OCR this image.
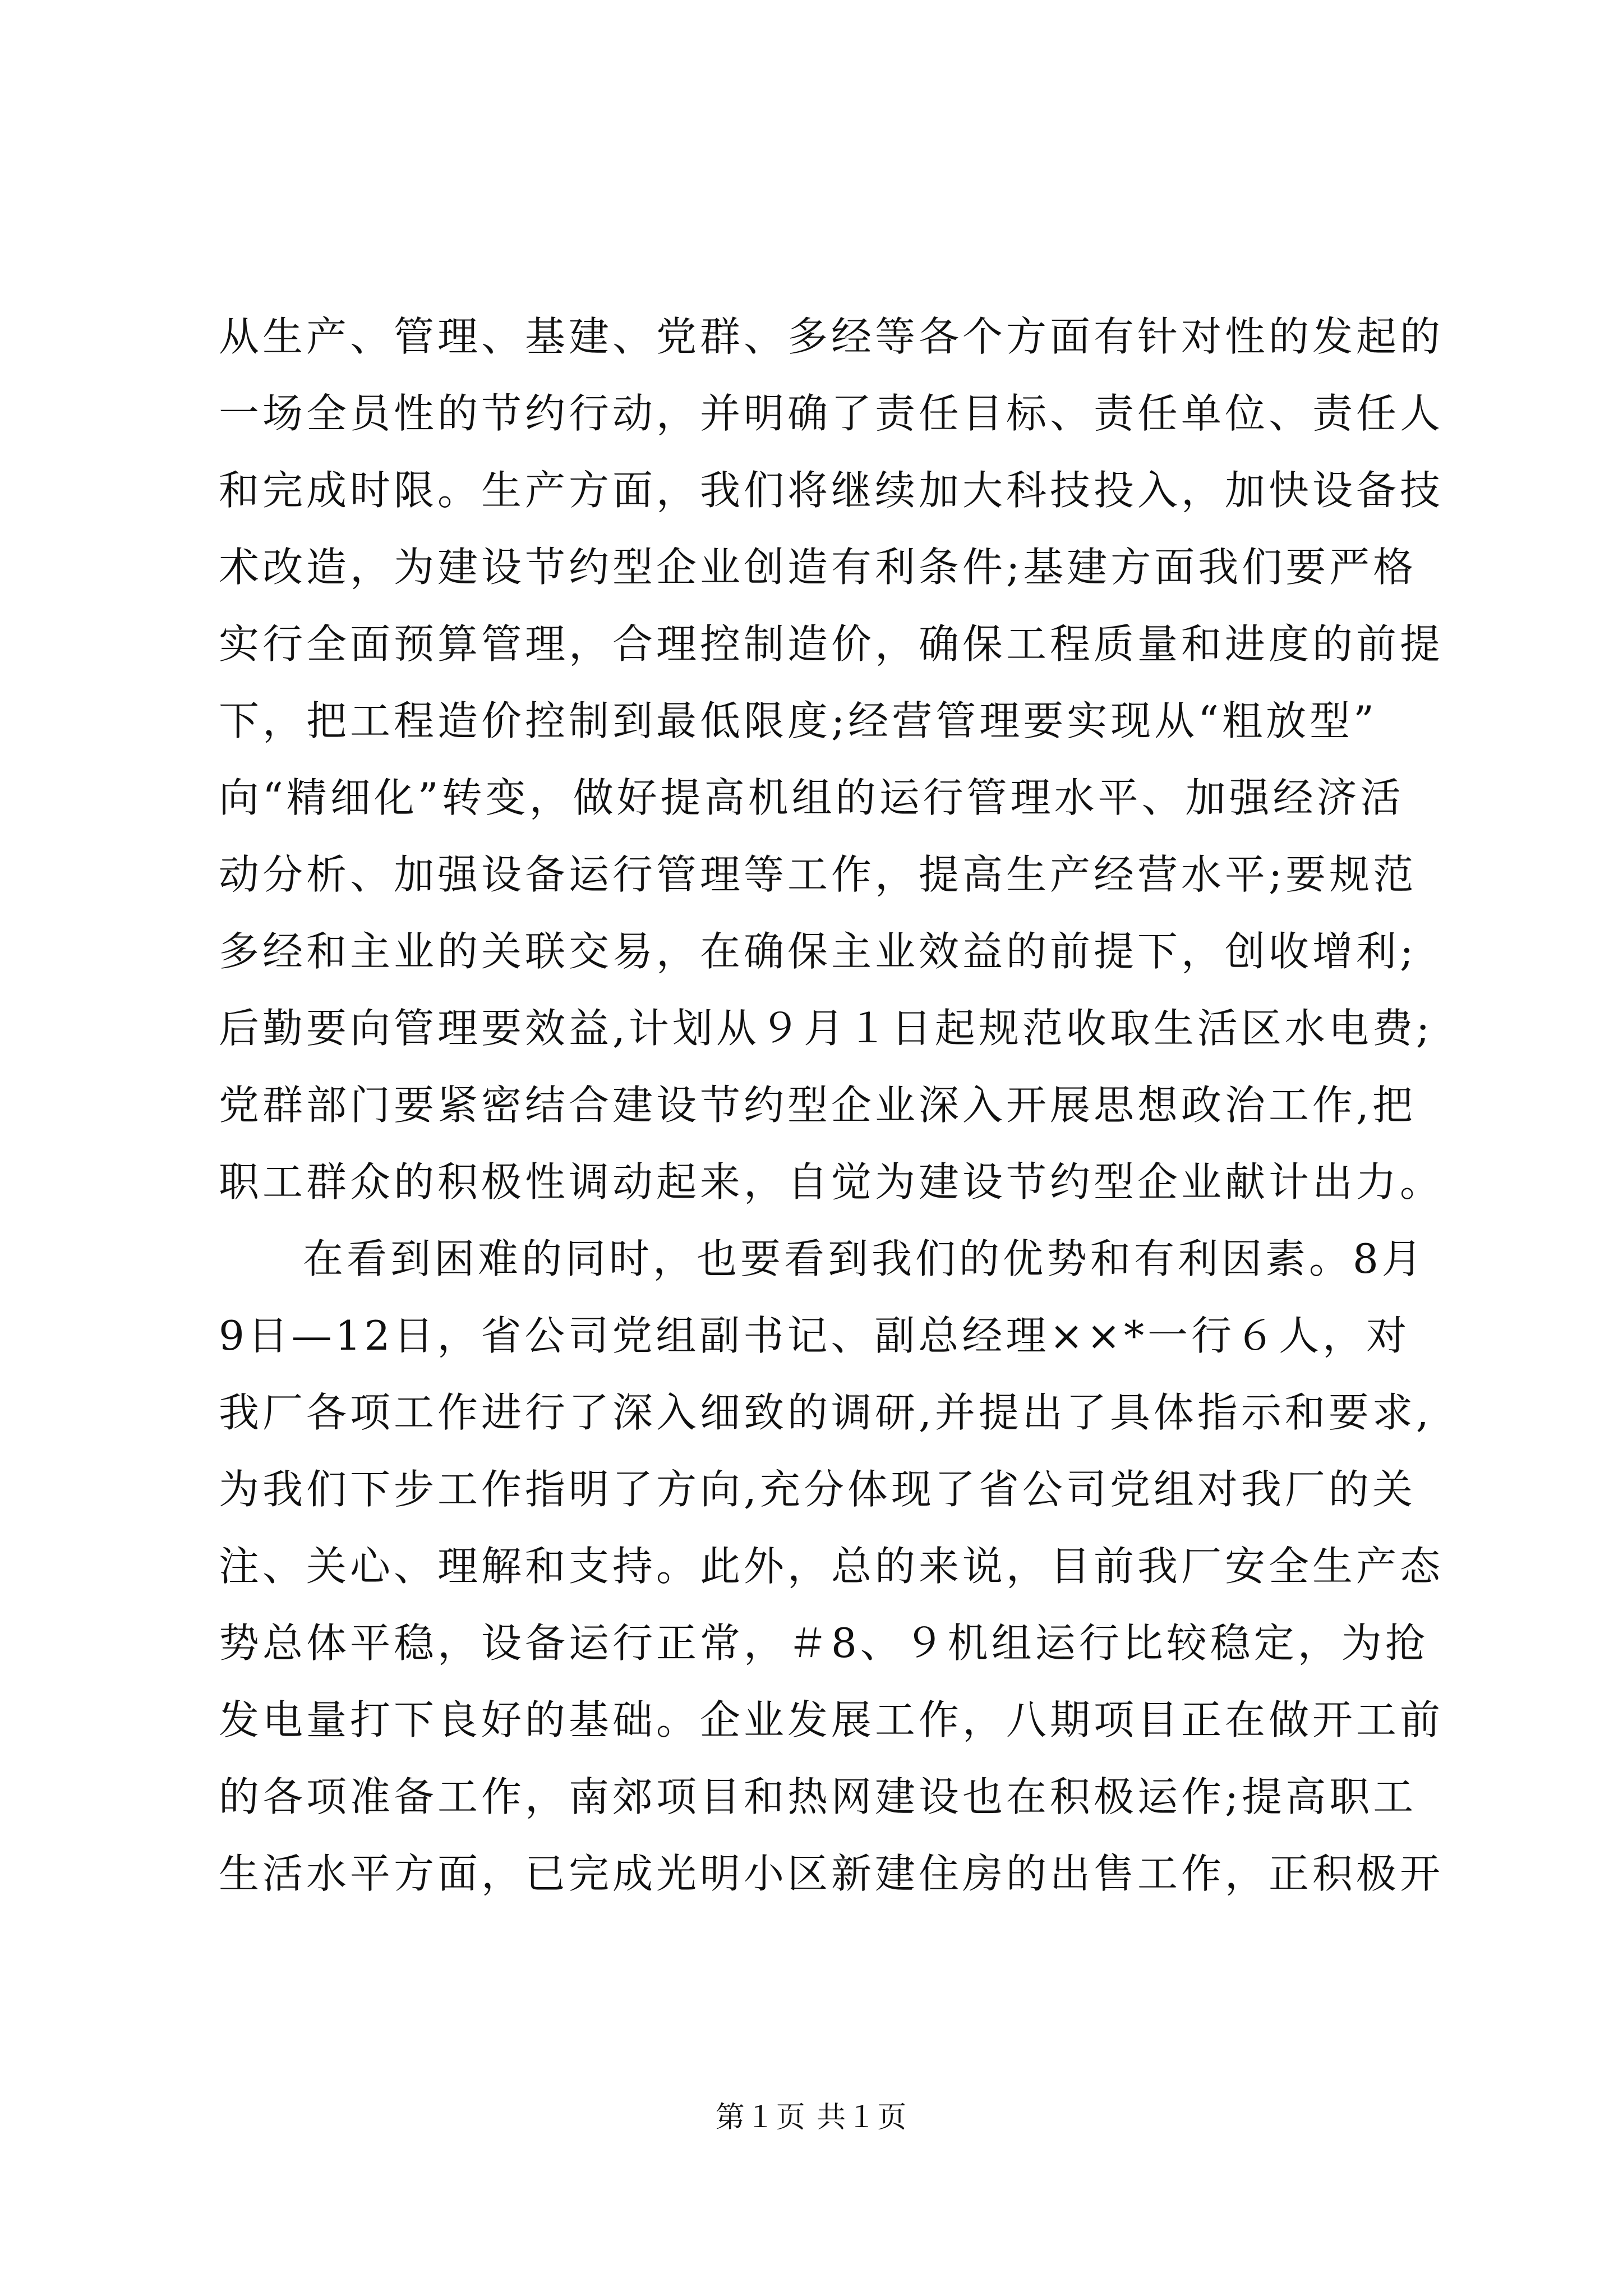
从生产、管理、基建、党群、多经等各个方面有针对性的发起的
一场全员性的节约行动，并明确了责任目标、责任单位、责任人
和完成时限。生产方面，我们将继续加大科技投入，加快设备技
术改造，为建设节约型企业创造有利条件;基建方面我们要严格
实行全面预算管理，合理控制造价，确保工程质量和进度的前提
下，把工程造价控制到最低限度;经营管理要实现从“粗放型”
向“精细化”转变，做好提高机组的运行管理水平、加强经济活
动分析、加强设备运行管理等工作，提高生产经营水平;要规范
多经和主业的关联交易，在确保主业效益的前提下，创收增利;
后勤要向管理要效益,计划从９月１日起规范收取生活区水电费;
党群部门要紧密结合建设节约型企业深入开展思想政治工作,把
职工群众的积极性调动起来，自觉为建设节约型企业献计出力。
在看到困难的同时，也要看到我们的优势和有利因素。8月
9日—12日，省公司党组副书记、副总经理××*一行６人，对
我厂各项工作进行了深入细致的调研,并提出了具体指示和要求,
为我们下步工作指明了方向,充分体现了省公司党组对我厂的关
注、关心、理解和支持。此外，总的来说，目前我厂安全生产态
势总体平稳，设备运行正常，＃8、９机组运行比较稳定，为抢
发电量打下良好的基础。企业发展工作，八期项目正在做开工前
的各项准备工作，南郊项目和热网建设也在积极运作;提高职工
生活水平方面，已完成光明小区新建住房的出售工作，正积极开
第１页 共１页
